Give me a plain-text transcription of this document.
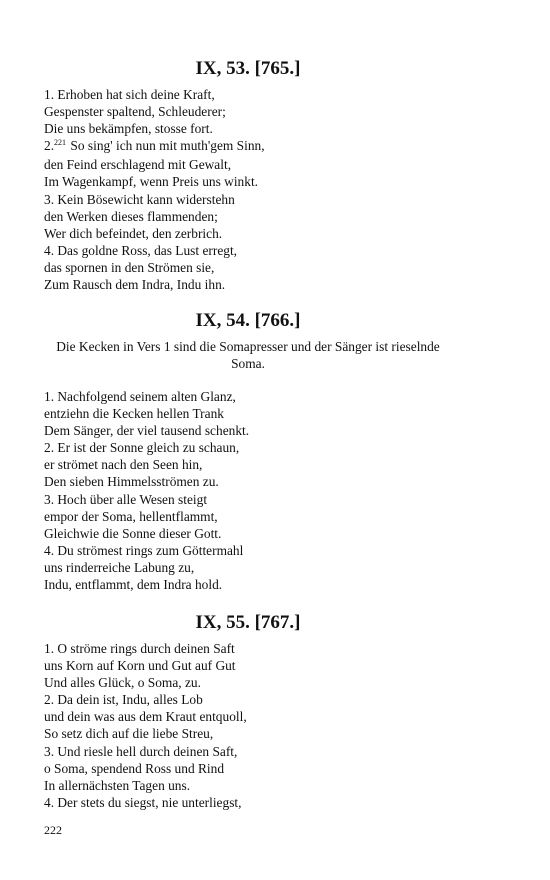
IX, 53. [765.]
1. Erhoben hat sich deine Kraft,
Gespenster spaltend, Schleuderer;
Die uns bekämpfen, stosse fort.
2.$^{221}$ So sing' ich nun mit muth'gem Sinn,
den Feind erschlagend mit Gewalt,
Im Wagenkampf, wenn Preis uns winkt.
3. Kein Bösewicht kann widerstehn
den Werken dieses flammenden;
Wer dich befeindet, den zerbrich.
4. Das goldne Ross, das Lust erregt,
das spornen in den Strömen sie,
Zum Rausch dem Indra, Indu ihn.
IX, 54. [766.]

Die Kecken in Vers 1 sind die Somapresser und der Sänger ist rieselnde Soma.

1. Nachfolgend seinem alten Glanz,
entziehn die Kecken hellen Trank
Dem Sänger, der viel tausend schenkt.
2. Er ist der Sonne gleich zu schaun,
er strömet nach den Seen hin,
Den sieben Himmelsströmen zu.
3. Hoch über alle Wesen steigt
empor der Soma, hellentflammt,
Gleichwie die Sonne dieser Gott.
4. Du strömest rings zum Göttermahl
uns rinderreiche Labung zu,
Indu, entflammt, dem Indra hold.
IX, 55. [767.]
1. O ströme rings durch deinen Saft
uns Korn auf Korn und Gut auf Gut
Und alles Glück, o Soma, zu.
2. Da dein ist, Indu, alles Lob
und dein was aus dem Kraut entquoll,
So setz dich auf die liebe Streu,
3. Und riesle hell durch deinen Saft,
o Soma, spendend Ross und Rind
In allernächsten Tagen uns.
4. Der stets du siegst, nie unterliegst,
222
